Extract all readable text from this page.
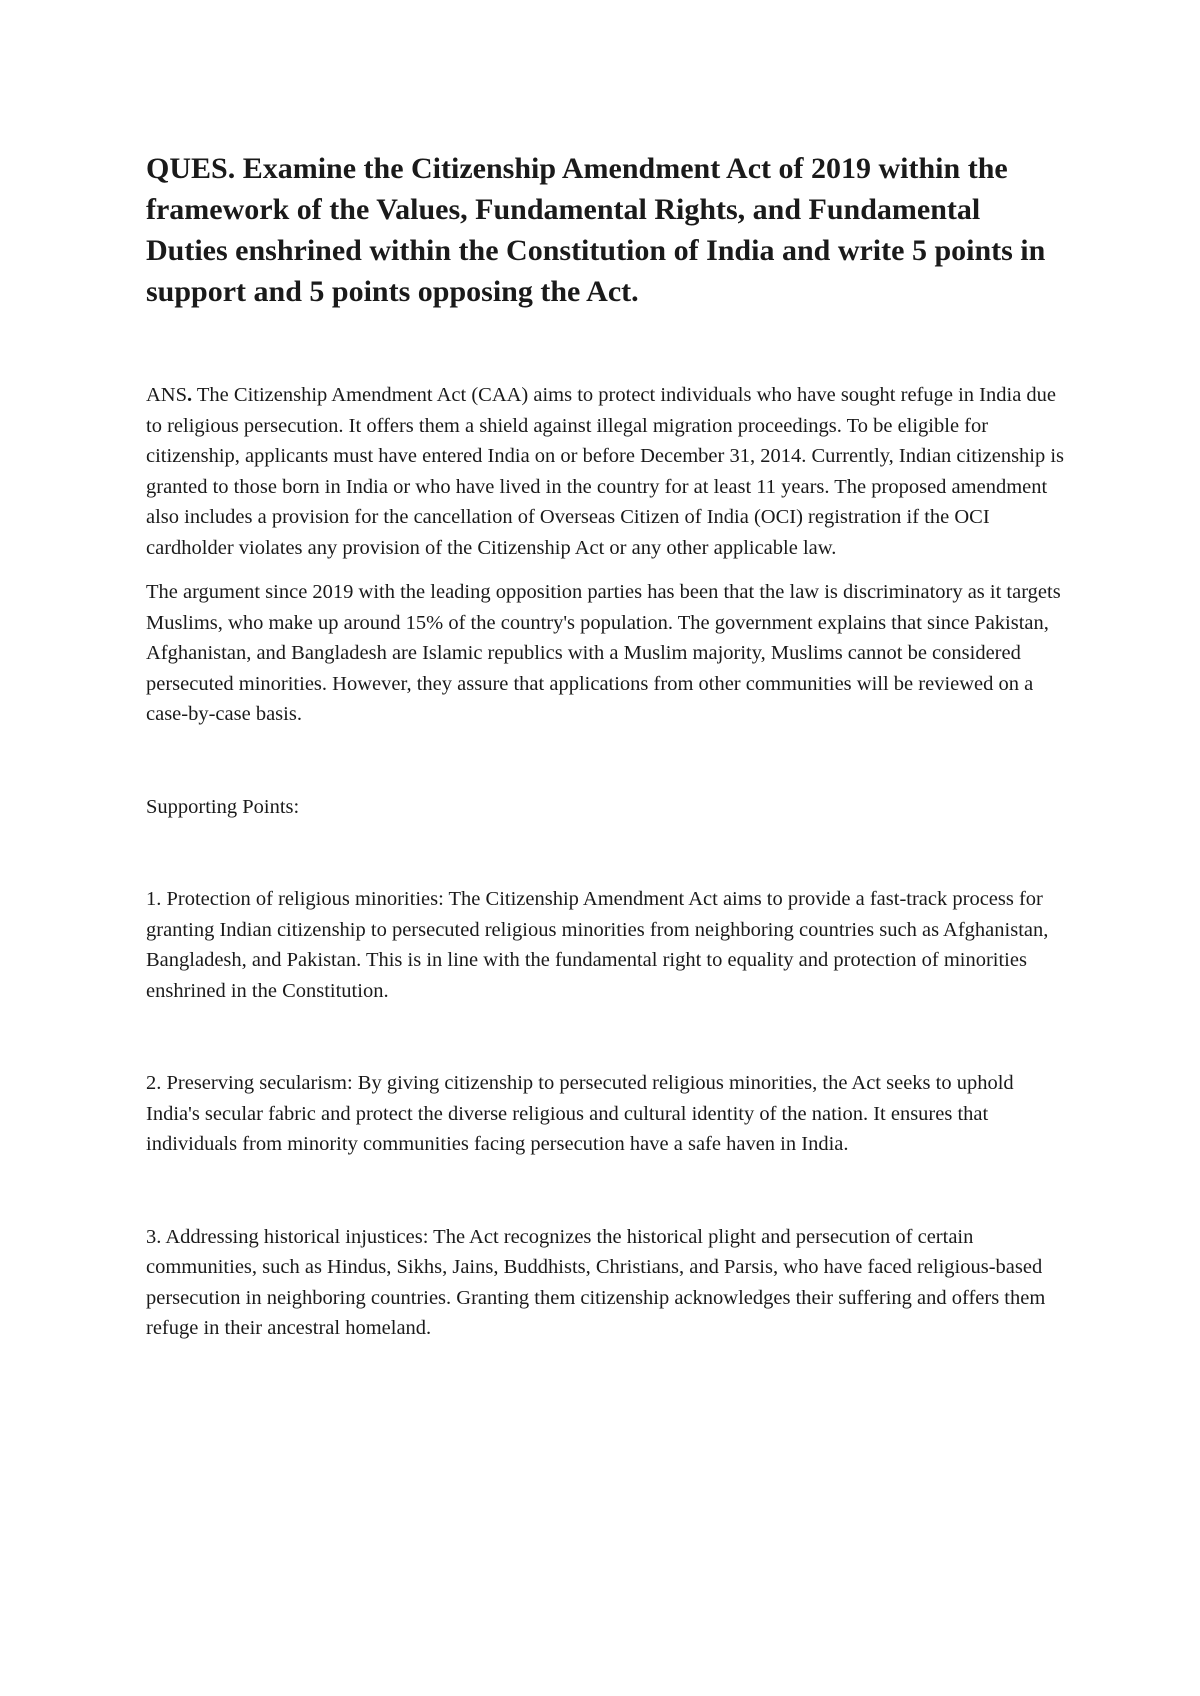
QUES. Examine the Citizenship Amendment Act of 2019 within the framework of the Values, Fundamental Rights, and Fundamental Duties enshrined within the Constitution of India and write 5 points in support and 5 points opposing the Act.

ANS. The Citizenship Amendment Act (CAA) aims to protect individuals who have sought refuge in India due to religious persecution. It offers them a shield against illegal migration proceedings. To be eligible for citizenship, applicants must have entered India on or before December 31, 2014. Currently, Indian citizenship is granted to those born in India or who have lived in the country for at least 11 years. The proposed amendment also includes a provision for the cancellation of Overseas Citizen of India (OCI) registration if the OCI cardholder violates any provision of the Citizenship Act or any other applicable law.

The argument since 2019 with the leading opposition parties has been that the law is discriminatory as it targets Muslims, who make up around 15% of the country's population. The government explains that since Pakistan, Afghanistan, and Bangladesh are Islamic republics with a Muslim majority, Muslims cannot be considered persecuted minorities. However, they assure that applications from other communities will be reviewed on a case-by-case basis.

Supporting Points:

1. Protection of religious minorities: The Citizenship Amendment Act aims to provide a fast-track process for granting Indian citizenship to persecuted religious minorities from neighboring countries such as Afghanistan, Bangladesh, and Pakistan. This is in line with the fundamental right to equality and protection of minorities enshrined in the Constitution.

2. Preserving secularism: By giving citizenship to persecuted religious minorities, the Act seeks to uphold India's secular fabric and protect the diverse religious and cultural identity of the nation. It ensures that individuals from minority communities facing persecution have a safe haven in India.

3. Addressing historical injustices: The Act recognizes the historical plight and persecution of certain communities, such as Hindus, Sikhs, Jains, Buddhists, Christians, and Parsis, who have faced religious-based persecution in neighboring countries. Granting them citizenship acknowledges their suffering and offers them refuge in their ancestral homeland.
